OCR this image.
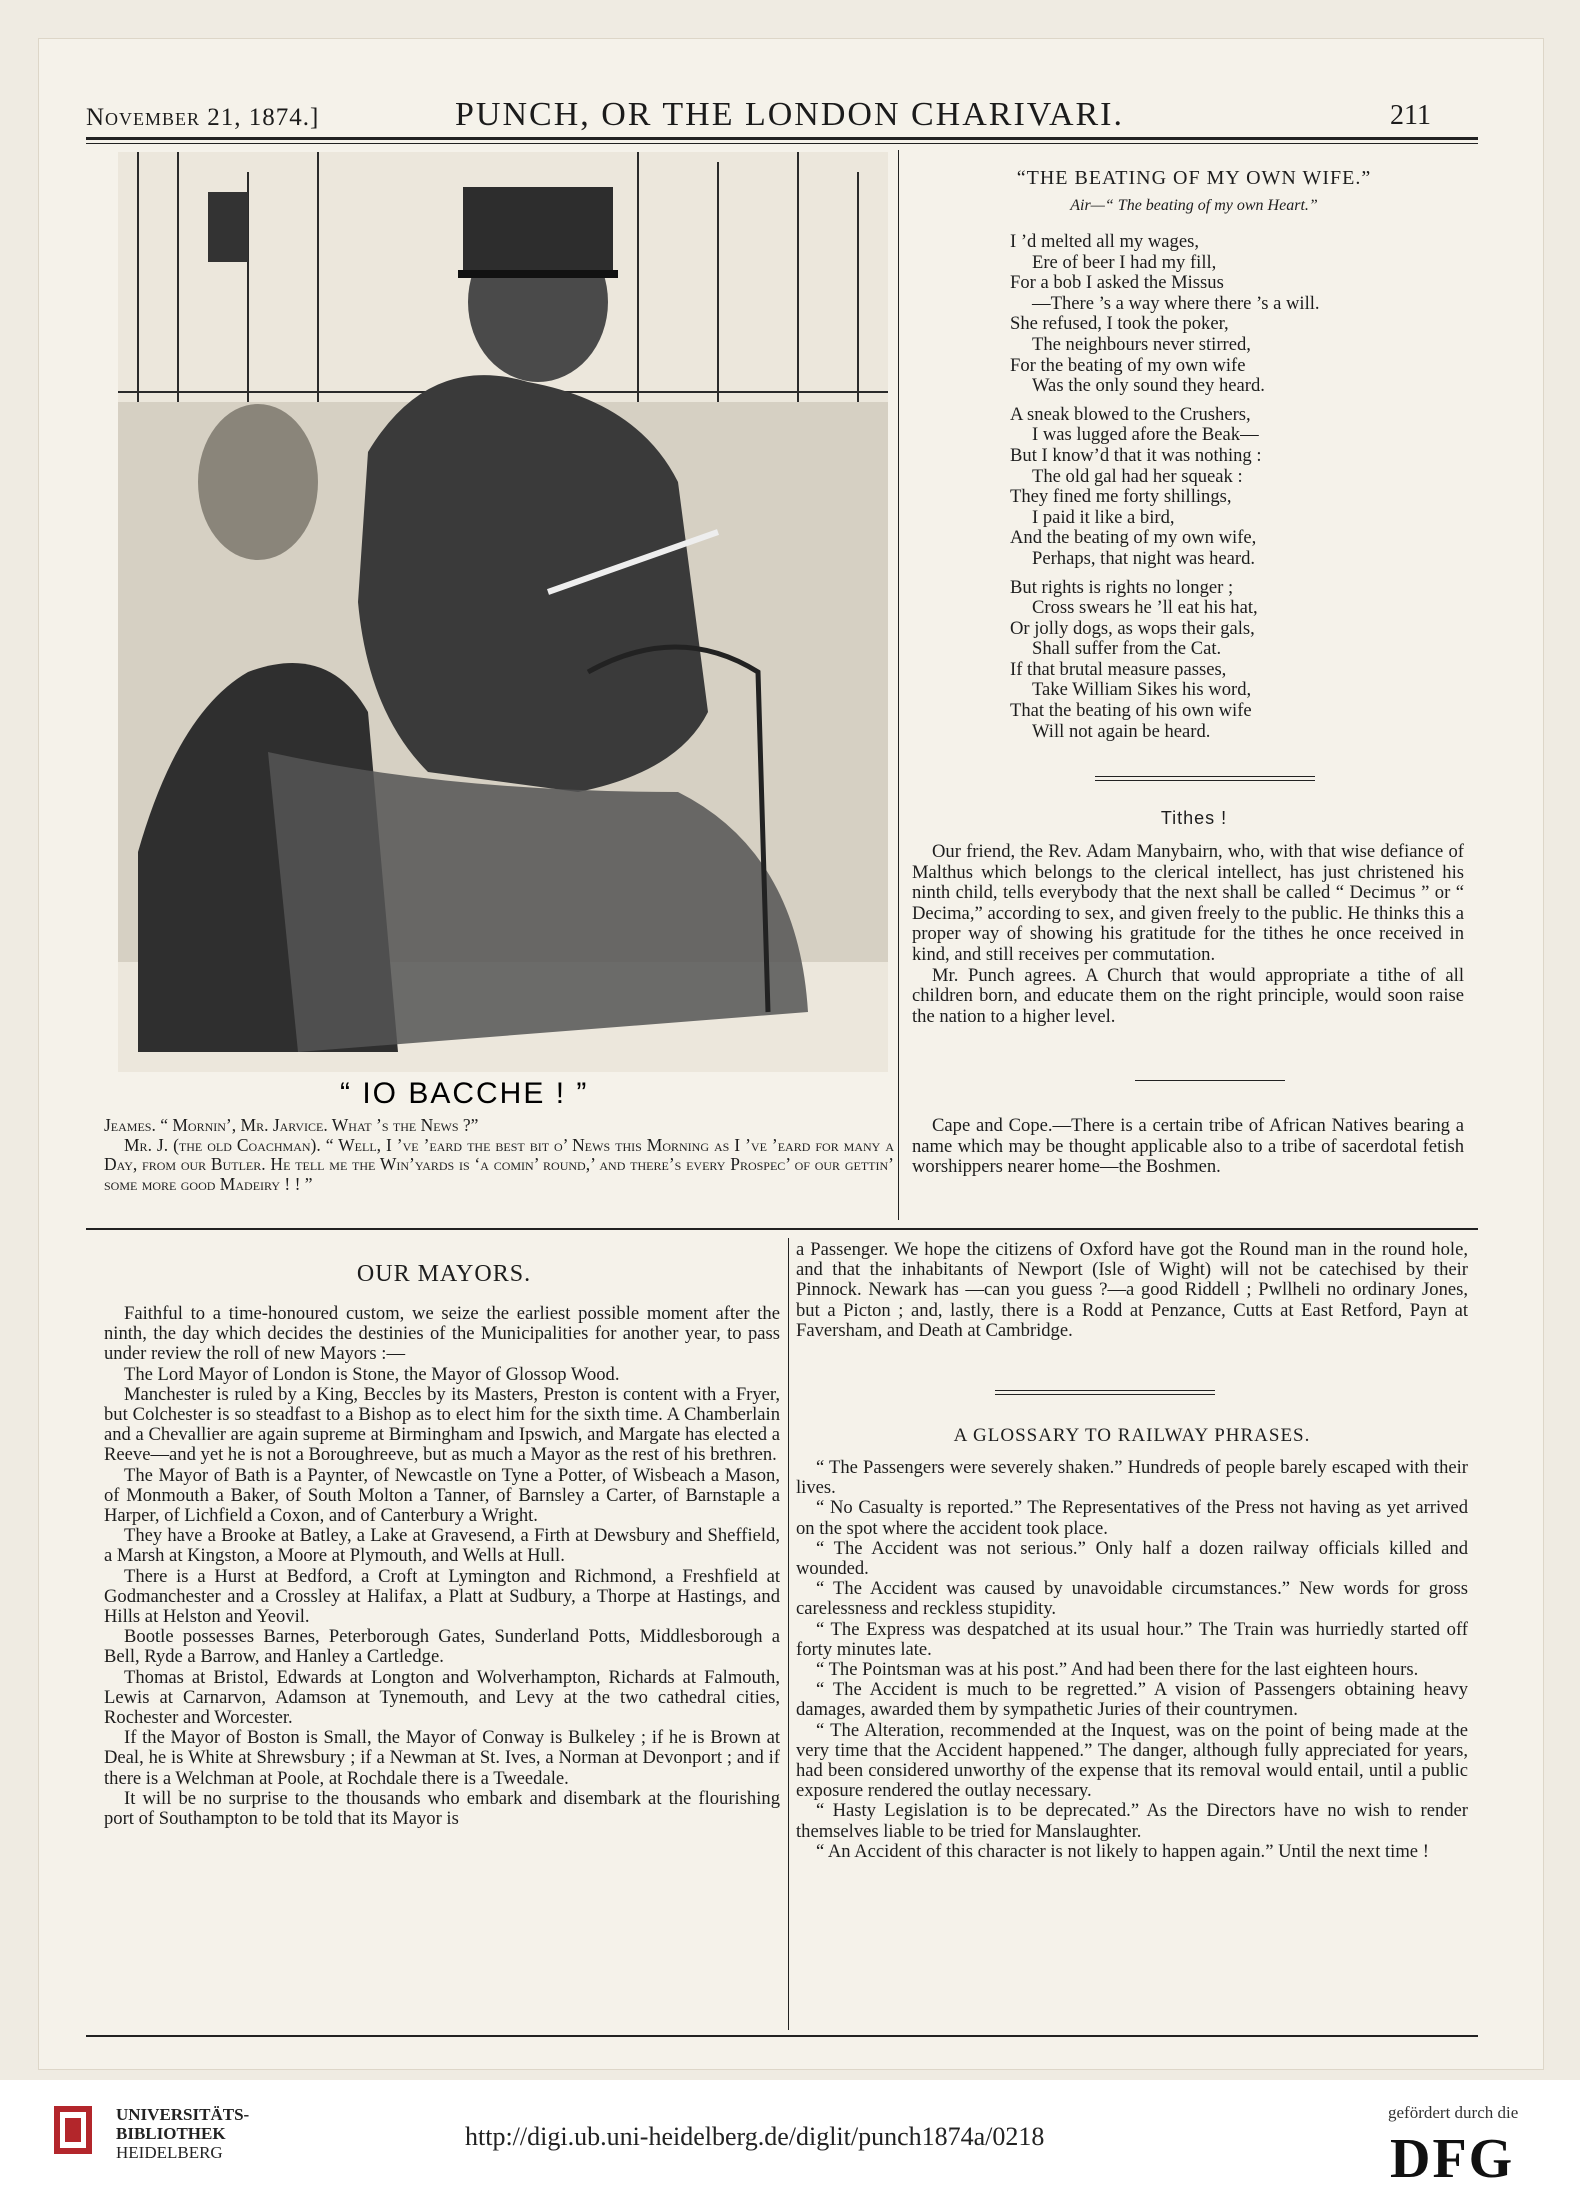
November 21, 1874.]	PUNCH, OR THE LONDON CHARIVARI.	211
“ IO BACCHE ! ”

Jeames. “ Mornin’, Mr. Jarvice. What ’s the News ?”

Mr. J. (the old Coachman). “ Well, I ’ve ’eard the best bit o’ News this Morning as I ’ve ’eard for many a Day, from our Butler. He tell me the Win’yards is ‘a comin’ round,’ and there’s every Prospec’ of our gettin’ some more good Madeiry ! ! ”

“THE BEATING OF MY OWN WIFE.”
Air—“ The beating of my own Heart.”

I ’d melted all my wages,

Ere of beer I had my fill,

For a bob I asked the Missus

—There ’s a way where there ’s a will.

She refused, I took the poker,

The neighbours never stirred,

For the beating of my own wife

Was the only sound they heard.

A sneak blowed to the Crushers,

I was lugged afore the Beak—

But I know’d that it was nothing :

The old gal had her squeak :

They fined me forty shillings,

I paid it like a bird,

And the beating of my own wife,

Perhaps, that night was heard.

But rights is rights no longer ;

Cross swears he ’ll eat his hat,

Or jolly dogs, as wops their gals,

Shall suffer from the Cat.

If that brutal measure passes,

Take William Sikes his word,

That the beating of his own wife

Will not again be heard.

Tithes !

Our friend, the Rev. Adam Manybairn, who, with that wise defiance of Malthus which belongs to the clerical intellect, has just christened his ninth child, tells everybody that the next shall be called “ Decimus ” or “ Decima,” according to sex, and given freely to the public. He thinks this a proper way of showing his gratitude for the tithes he once received in kind, and still receives per commutation.

Mr. Punch agrees. A Church that would appropriate a tithe of all children born, and educate them on the right principle, would soon raise the nation to a higher level.

Cape and Cope.—There is a certain tribe of African Natives bearing a name which may be thought applicable also to a tribe of sacerdotal fetish worshippers nearer home—the Boshmen.

OUR MAYORS.

Faithful to a time-honoured custom, we seize the earliest possible moment after the ninth, the day which decides the destinies of the Municipalities for another year, to pass under review the roll of new Mayors :—

The Lord Mayor of London is Stone, the Mayor of Glossop Wood.

Manchester is ruled by a King, Beccles by its Masters, Preston is content with a Fryer, but Colchester is so steadfast to a Bishop as to elect him for the sixth time. A Chamberlain and a Chevallier are again supreme at Birmingham and Ipswich, and Margate has elected a Reeve—and yet he is not a Boroughreeve, but as much a Mayor as the rest of his brethren.

The Mayor of Bath is a Paynter, of Newcastle on Tyne a Potter, of Wisbeach a Mason, of Monmouth a Baker, of South Molton a Tanner, of Barnsley a Carter, of Barnstaple a Harper, of Lichfield a Coxon, and of Canterbury a Wright.

They have a Brooke at Batley, a Lake at Gravesend, a Firth at Dewsbury and Sheffield, a Marsh at Kingston, a Moore at Plymouth, and Wells at Hull.

There is a Hurst at Bedford, a Croft at Lymington and Richmond, a Freshfield at Godmanchester and a Crossley at Halifax, a Platt at Sudbury, a Thorpe at Hastings, and Hills at Helston and Yeovil.

Bootle possesses Barnes, Peterborough Gates, Sunderland Potts, Middlesborough a Bell, Ryde a Barrow, and Hanley a Cartledge.

Thomas at Bristol, Edwards at Longton and Wolverhampton, Richards at Falmouth, Lewis at Carnarvon, Adamson at Tynemouth, and Levy at the two cathedral cities, Rochester and Worcester.

If the Mayor of Boston is Small, the Mayor of Conway is Bulkeley ; if he is Brown at Deal, he is White at Shrewsbury ; if a Newman at St. Ives, a Norman at Devonport ; and if there is a Welchman at Poole, at Rochdale there is a Tweedale.

It will be no surprise to the thousands who embark and disembark at the flourishing port of Southampton to be told that its Mayor is

a Passenger. We hope the citizens of Oxford have got the Round man in the round hole, and that the inhabitants of Newport (Isle of Wight) will not be catechised by their Pinnock. Newark has —can you guess ?—a good Riddell ; Pwllheli no ordinary Jones, but a Picton ; and, lastly, there is a Rodd at Penzance, Cutts at East Retford, Payn at Faversham, and Death at Cambridge.

A GLOSSARY TO RAILWAY PHRASES.

“ The Passengers were severely shaken.” Hundreds of people barely escaped with their lives.

“ No Casualty is reported.” The Representatives of the Press not having as yet arrived on the spot where the accident took place.

“ The Accident was not serious.” Only half a dozen railway officials killed and wounded.

“ The Accident was caused by unavoidable circumstances.” New words for gross carelessness and reckless stupidity.

“ The Express was despatched at its usual hour.” The Train was hurriedly started off forty minutes late.

“ The Pointsman was at his post.” And had been there for the last eighteen hours.

“ The Accident is much to be regretted.” A vision of Passengers obtaining heavy damages, awarded them by sympathetic Juries of their countrymen.

“ The Alteration, recommended at the Inquest, was on the point of being made at the very time that the Accident happened.” The danger, although fully appreciated for years, had been considered unworthy of the expense that its removal would entail, until a public exposure rendered the outlay necessary.

“ Hasty Legislation is to be deprecated.” As the Directors have no wish to render themselves liable to be tried for Manslaughter.

“ An Accident of this character is not likely to happen again.” Until the next time !

UNIVERSITÄTS-
BIBLIOTHEK
HEIDELBERG
http://digi.ub.uni-heidelberg.de/diglit/punch1874a/0218
gefördert durch die
DFG
